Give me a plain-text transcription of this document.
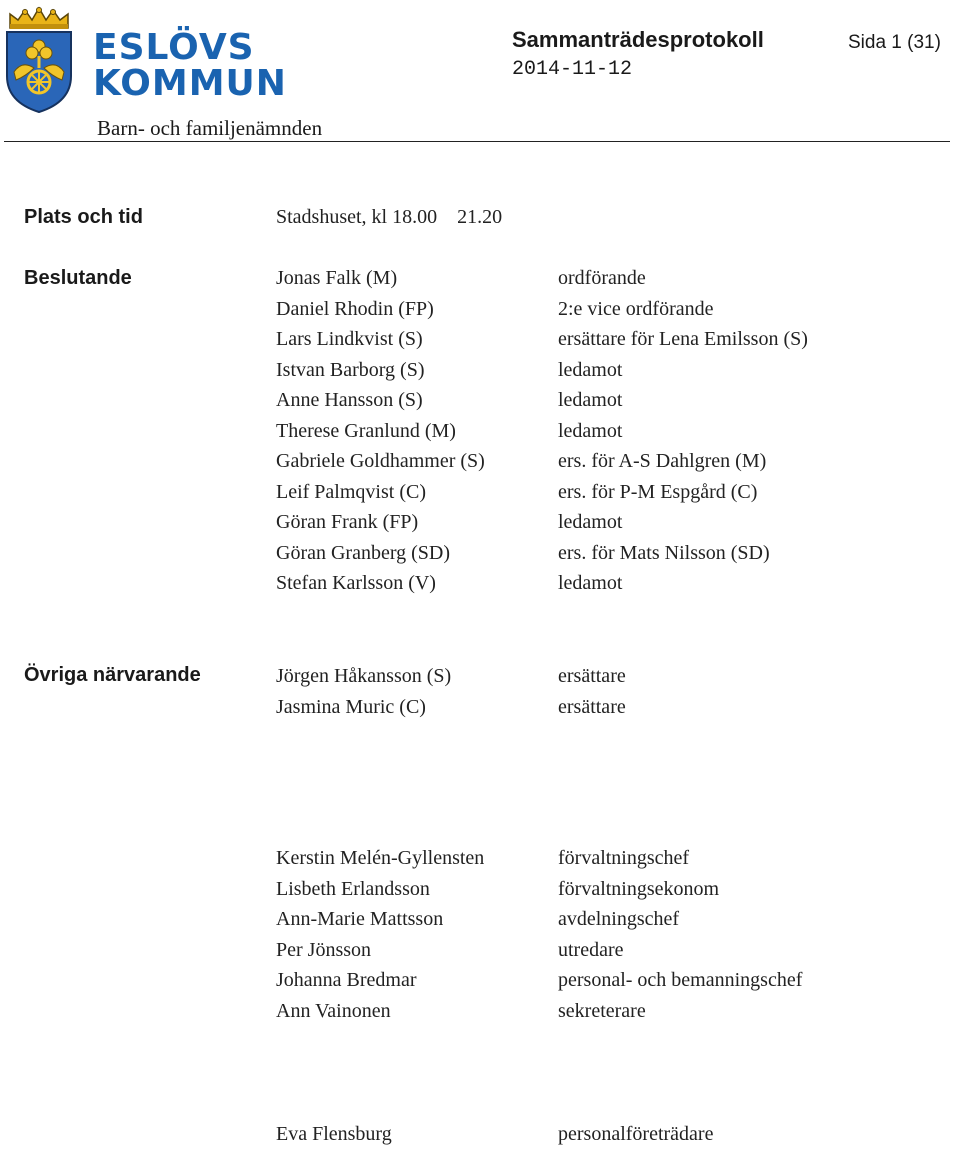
ESLÖVS
KOMMUN
Barn- och familjenämnden
Sammanträdesprotokoll
2014-11-12
Sida 1 (31)
Plats och tid	Stadshuset, kl 18.00 21.20
Beslutande	Jonas Falk (M)	ordförande
Daniel Rhodin (FP)	2:e vice ordförande
Lars Lindkvist (S)	ersättare för Lena Emilsson (S)
Istvan Barborg (S)	ledamot
Anne Hansson (S)	ledamot
Therese Granlund (M)	ledamot
Gabriele Goldhammer (S)	ers. för A-S Dahlgren (M)
Leif Palmqvist (C)	ers. för P-M Espgård (C)
Göran Frank (FP)	ledamot
Göran Granberg (SD)	ers. för Mats Nilsson (SD)
Stefan Karlsson (V)	ledamot
Övriga närvarande	Jörgen Håkansson (S)	ersättare
Jasmina Muric (C)	ersättare
Kerstin Melén-Gyllensten	förvaltningschef
Lisbeth Erlandsson	förvaltningsekonom
Ann-Marie Mattsson	avdelningschef
Per Jönsson	utredare
Johanna Bredmar	personal- och bemanningschef
Ann Vainonen	sekreterare
Eva Flensburg	personalföreträdare
